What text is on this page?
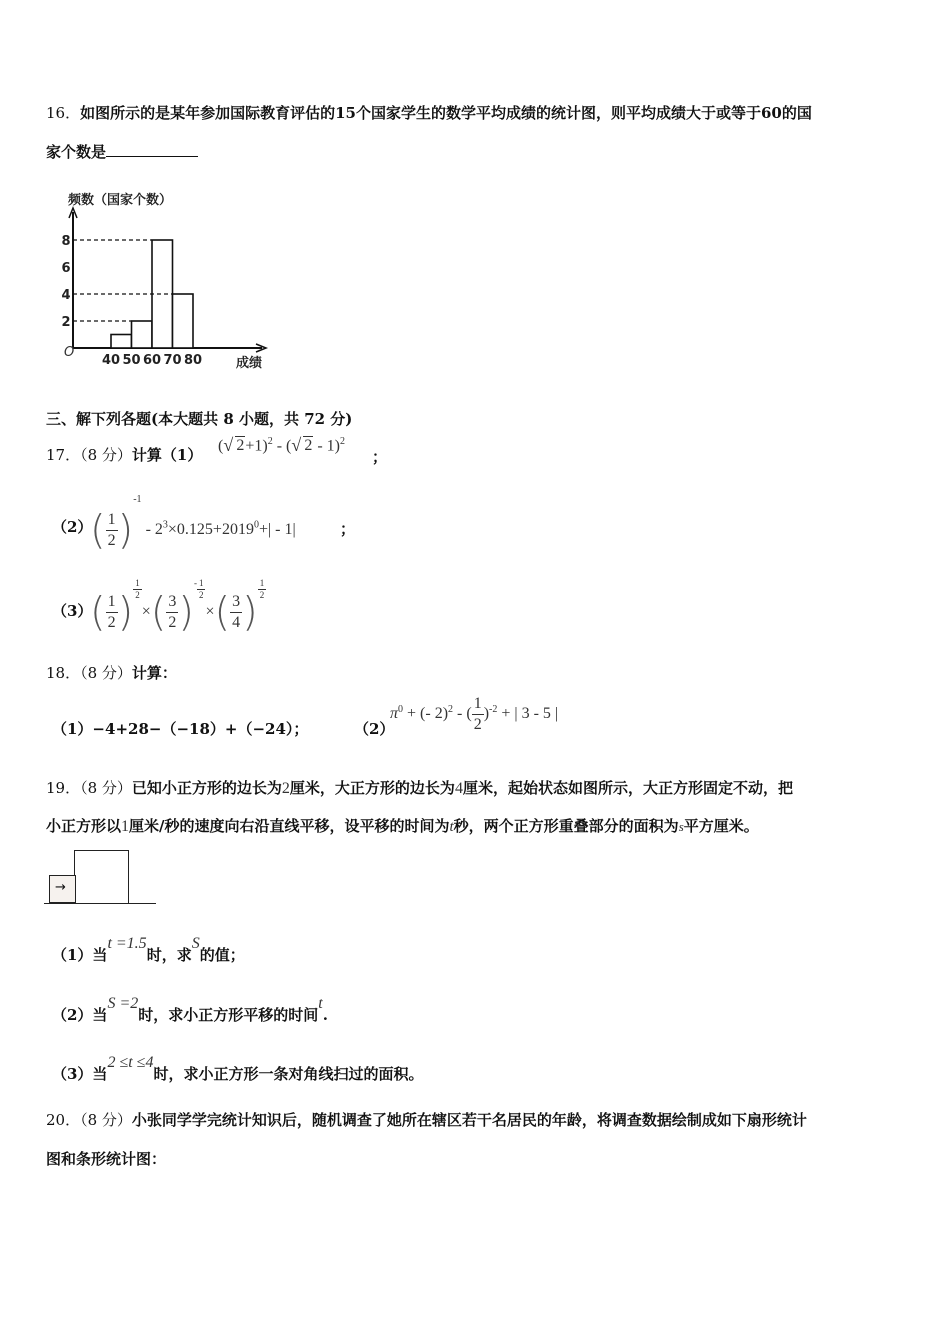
16．如图所示的是某年参加国际教育评估的15个国家学生的数学平均成绩的统计图，则平均成绩大于或等于60的国
家个数是
频数（国家个数）
成绩
O
2
4
6
8
40 50 60 70 80
三、解下列各题(本大题共 8 小题，共 72 分)
17．（8 分）计算（1）
( √ 2+1)$^2$ - ( √ 2 - 1)$^2$
；
（2）
( $\frac{1}{2} )^{-1} - 2^3\times 0.125+2019^0+| - 1|$	；
（3）
( $\frac{1}{2}$ ) $\frac{1}{2}$
×( $\frac{3}{2} )^- \frac{1}{2}$
×( $\frac{3}{4}$ ) $\frac{1}{2}$
18．（8 分）计算：
（1）−4+28−（−18）+（−24）；	（2）
$\pi^0$ + (- 2)$^2$ - ( $\frac{1}{2} )^{-2}$ + | 3 - 5 |
19．（8 分）已知小正方形的边长为2厘米，大正方形的边长为4厘米，起始状态如图所示，大正方形固定不动，把
小正方形以1厘米/秒的速度向右沿直线平移，设平移的时间为t秒，两个正方形重叠部分的面积为s平方厘米。
→
（1）当t =1.5时，求S的值；
（2）当S =2时，求小正方形平移的时间t.
（3）当2 ≤t ≤4时，求小正方形一条对角线扫过的面积。
20．（8 分）小张同学学完统计知识后，随机调查了她所在辖区若干名居民的年龄，将调查数据绘制成如下扇形统计
图和条形统计图：
